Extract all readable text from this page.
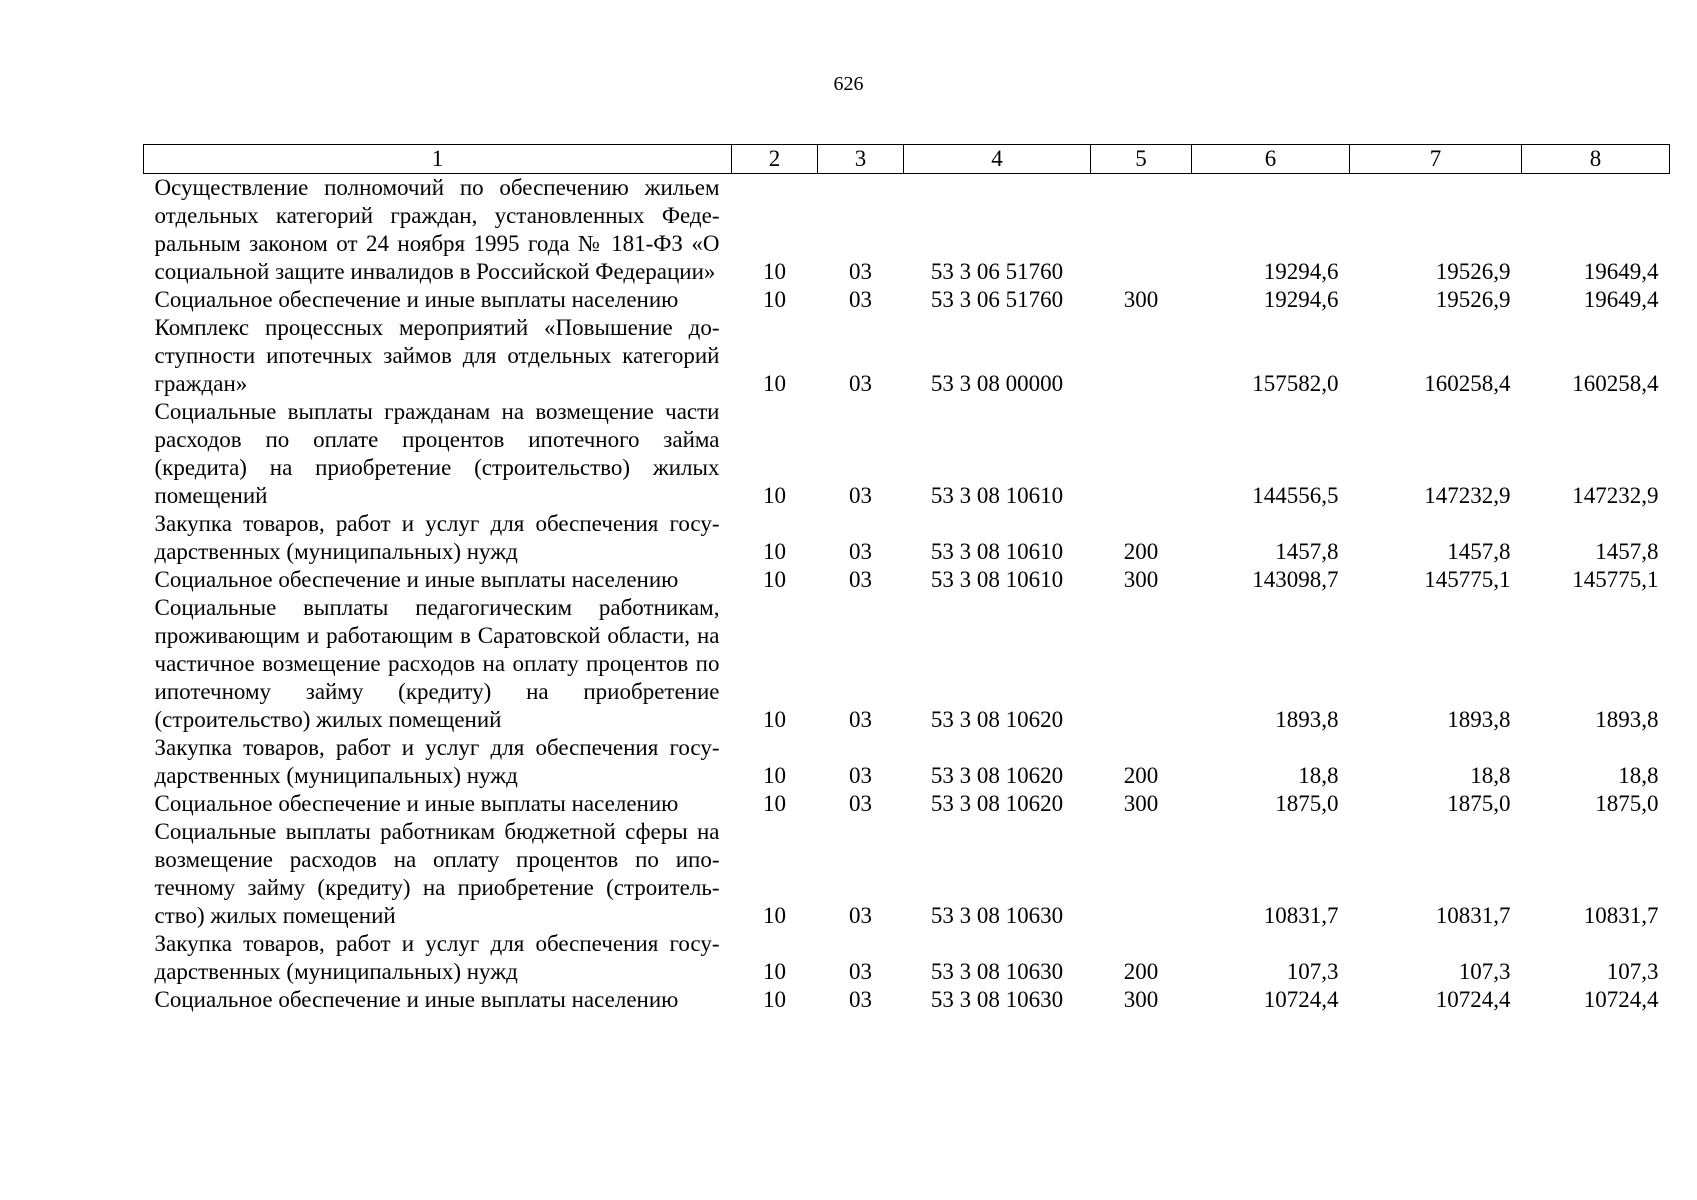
626
1	2	3	4	5	6	7	8
Осуществление полномочий по обеспечению жильем отдельных категорий граждан, установленных Федеральным законом от 24 ноября 1995 года № 181-ФЗ «О социальной защите инвалидов в Российской Федерации»	10	03	53 3 06 51760		19294,6	19526,9	19649,4
Социальное обеспечение и иные выплаты населению	10	03	53 3 06 51760	300	19294,6	19526,9	19649,4
Комплекс процессных мероприятий «Повышение доступности ипотечных займов для отдельных категорий граждан»	10	03	53 3 08 00000		157582,0	160258,4	160258,4
Социальные выплаты гражданам на возмещение части расходов по оплате процентов ипотечного займа (кредита) на приобретение (строительство) жилых помещений	10	03	53 3 08 10610		144556,5	147232,9	147232,9
Закупка товаров, работ и услуг для обеспечения государственных (муниципальных) нужд	10	03	53 3 08 10610	200	1457,8	1457,8	1457,8
Социальное обеспечение и иные выплаты населению	10	03	53 3 08 10610	300	143098,7	145775,1	145775,1
Социальные выплаты педагогическим работникам, проживающим и работающим в Саратовской области, на частичное возмещение расходов на оплату процентов по ипотечному займу (кредиту) на приобретение (строительство) жилых помещений	10	03	53 3 08 10620		1893,8	1893,8	1893,8
Закупка товаров, работ и услуг для обеспечения государственных (муниципальных) нужд	10	03	53 3 08 10620	200	18,8	18,8	18,8
Социальное обеспечение и иные выплаты населению	10	03	53 3 08 10620	300	1875,0	1875,0	1875,0
Социальные выплаты работникам бюджетной сферы на возмещение расходов на оплату процентов по ипотечному займу (кредиту) на приобретение (строительство) жилых помещений	10	03	53 3 08 10630		10831,7	10831,7	10831,7
Закупка товаров, работ и услуг для обеспечения государственных (муниципальных) нужд	10	03	53 3 08 10630	200	107,3	107,3	107,3
Социальное обеспечение и иные выплаты населению	10	03	53 3 08 10630	300	10724,4	10724,4	10724,4
